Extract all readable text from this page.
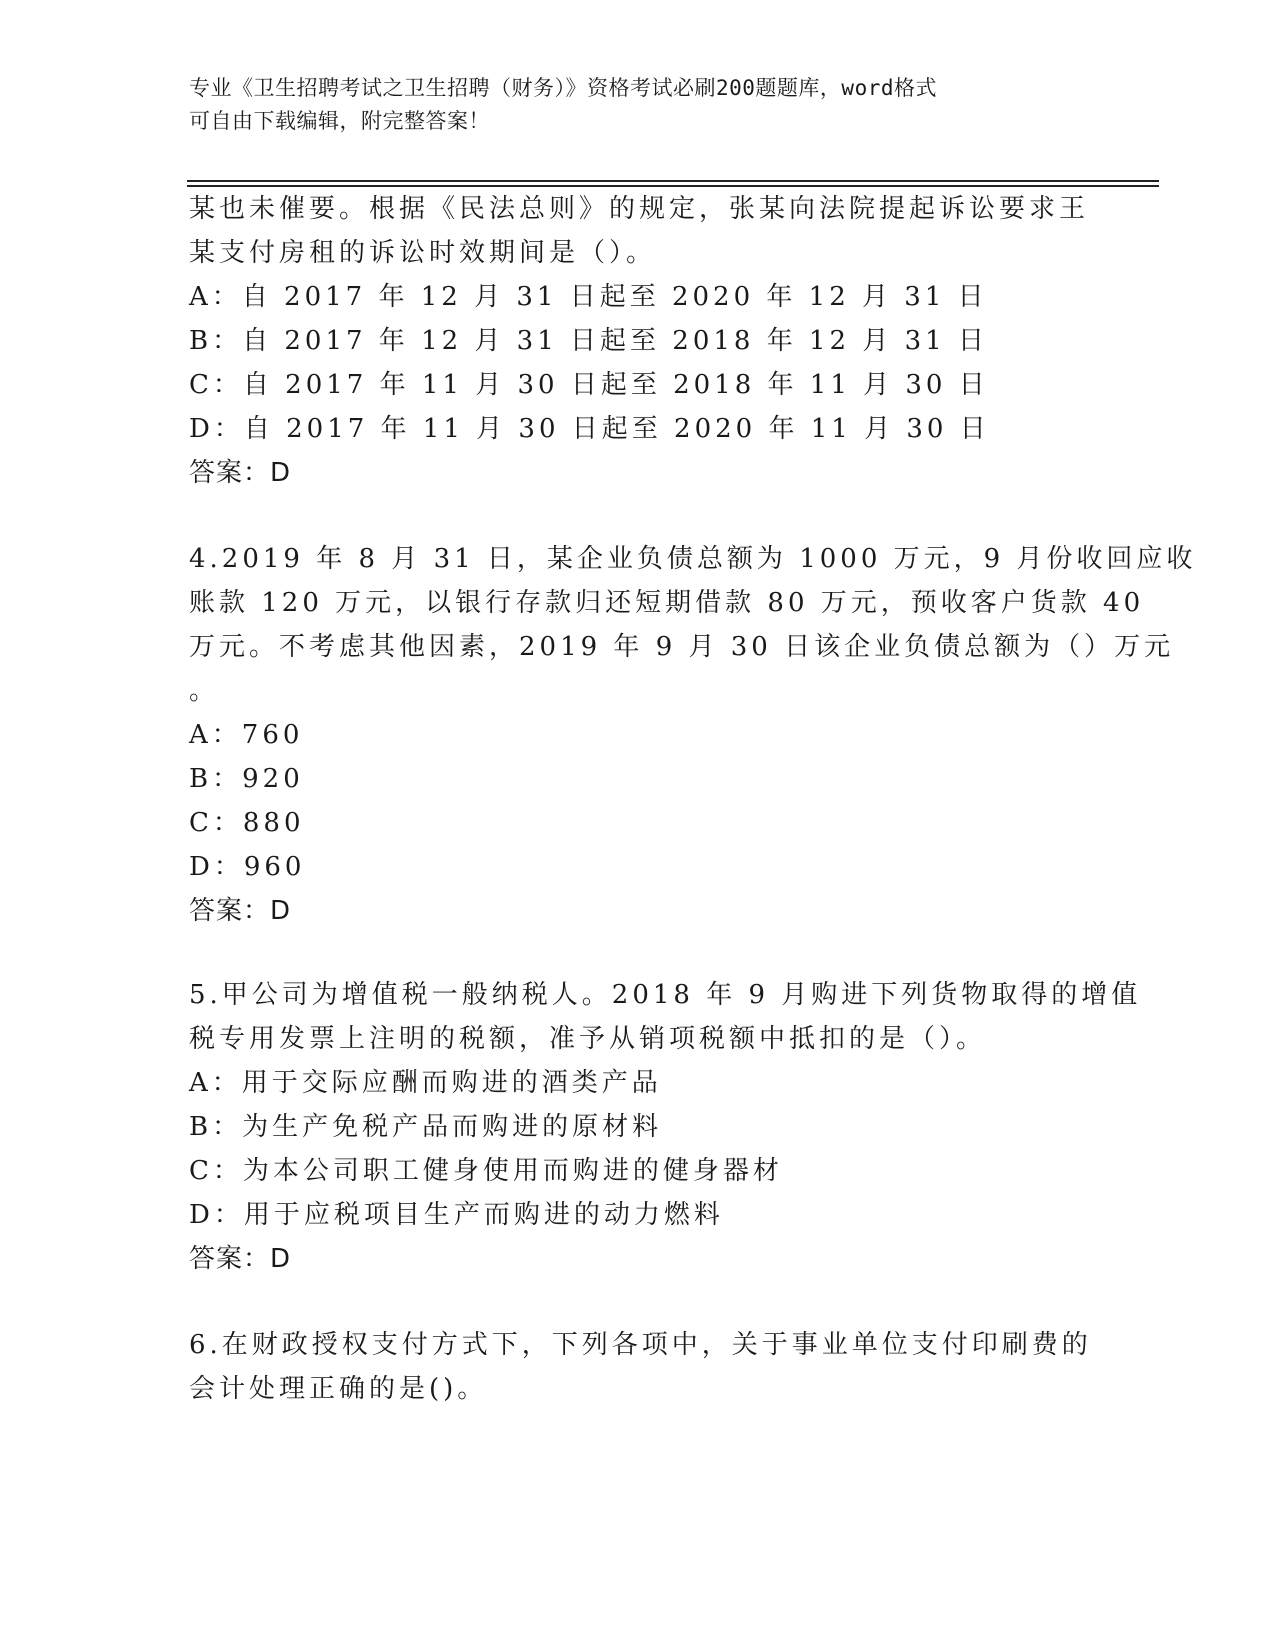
专业《卫生招聘考试之卫生招聘（财务）》资格考试必刷200题题库，word格式
可自由下载编辑，附完整答案！
某也未催要。根据《民法总则》的规定，张某向法院提起诉讼要求王
某支付房租的诉讼时效期间是（）。
A：自 2017 年 12 月 31 日起至 2020 年 12 月 31 日
B：自 2017 年 12 月 31 日起至 2018 年 12 月 31 日
C：自 2017 年 11 月 30 日起至 2018 年 11 月 30 日
D：自 2017 年 11 月 30 日起至 2020 年 11 月 30 日
答案：D
4.2019 年 8 月 31 日，某企业负债总额为 1000 万元，9 月份收回应收
账款 120 万元，以银行存款归还短期借款 80 万元，预收客户货款 40
万元。不考虑其他因素，2019 年 9 月 30 日该企业负债总额为（）万元
。
A：760
B：920
C：880
D：960
答案：D
5.甲公司为增值税一般纳税人。2018 年 9 月购进下列货物取得的增值
税专用发票上注明的税额，准予从销项税额中抵扣的是（）。
A：用于交际应酬而购进的酒类产品
B：为生产免税产品而购进的原材料
C：为本公司职工健身使用而购进的健身器材
D：用于应税项目生产而购进的动力燃料
答案：D
6.在财政授权支付方式下，下列各项中，关于事业单位支付印刷费的
会计处理正确的是()。
